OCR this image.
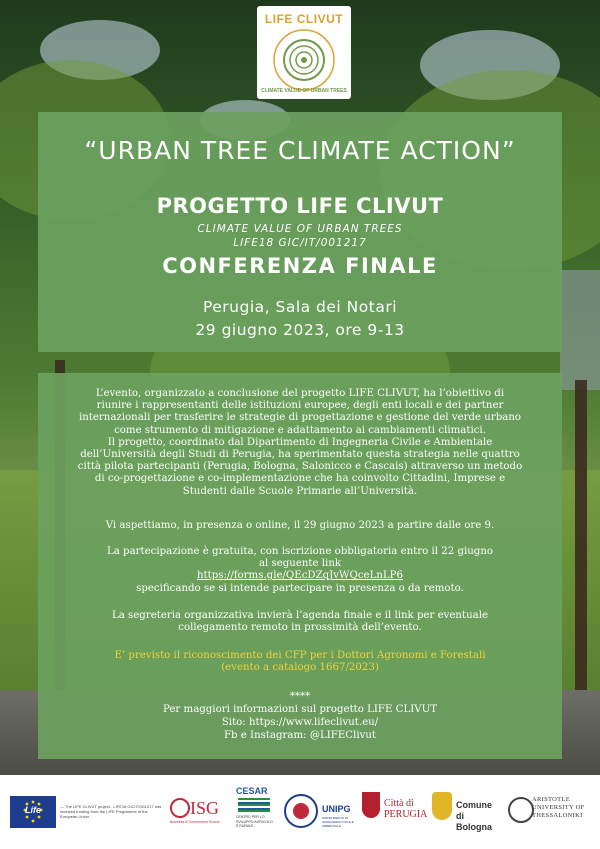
LIFE CLIVUT
CLIMATE VALUE OF URBAN TREES
“URBAN TREE CLIMATE ACTION”
PROGETTO LIFE CLIVUT
CLIMATE VALUE OF URBAN TREES
LIFE18 GIC/IT/001217
CONFERENZA FINALE
Perugia, Sala dei Notari
29 giugno 2023, ore 9-13
L’evento, organizzato a conclusione del progetto LIFE CLIVUT, ha l’obiettivo di
riunire i rappresentanti delle istituzioni europee, degli enti locali e dei partner
internazionali per trasferire le strategie di progettazione e gestione del verde urbano
come strumento di mitigazione e adattamento ai cambiamenti climatici.
Il progetto, coordinato dal Dipartimento di Ingegneria Civile e Ambientale
dell’Università degli Studi di Perugia, ha sperimentato questa strategia nelle quattro
città pilota partecipanti (Perugia, Bologna, Salonicco e Cascais) attraverso un metodo
di co-progettazione e co-implementazione che ha coinvolto Cittadini, Imprese e
Studenti dalle Scuole Primarie all’Università.
Vi aspettiamo, in presenza o online, il 29 giugno 2023 a partire dalle ore 9.
La partecipazione è gratuita, con iscrizione obbligatoria entro il 22 giugno
al seguente link
https://forms.gle/QEcDZqJvWQceLnLP6
specificando se si intende partecipare in presenza o da remoto.
La segreteria organizzativa invierà l’agenda finale e il link per eventuale
collegamento remoto in prossimità dell’evento.
E’ previsto il riconoscimento dei CFP per i Dottori Agronomi e Forestali
(evento a catalogo 1667/2023)
****
Per maggiori informazioni sul progetto LIFE CLIVUT
Sito: https://www.lifeclivut.eu/
Fb e Instagram: @LIFEClivut
Life	— The LIFE CLIVUT project - LIFE18 GIC/IT/001217 has received funding from the LIFE Programme of the European Union.	ISG
Business & Government School
CESAR
CENTRO PER LO SVILUPPO AGRICOLO E RURALE
UNIPG
DIPARTIMENTO DI INGEGNERIA CIVILE E AMBIENTALE
Città di PERUGIA
Comune di Bologna
ARISTOTLE UNIVERSITY OF THESSALONIKI
